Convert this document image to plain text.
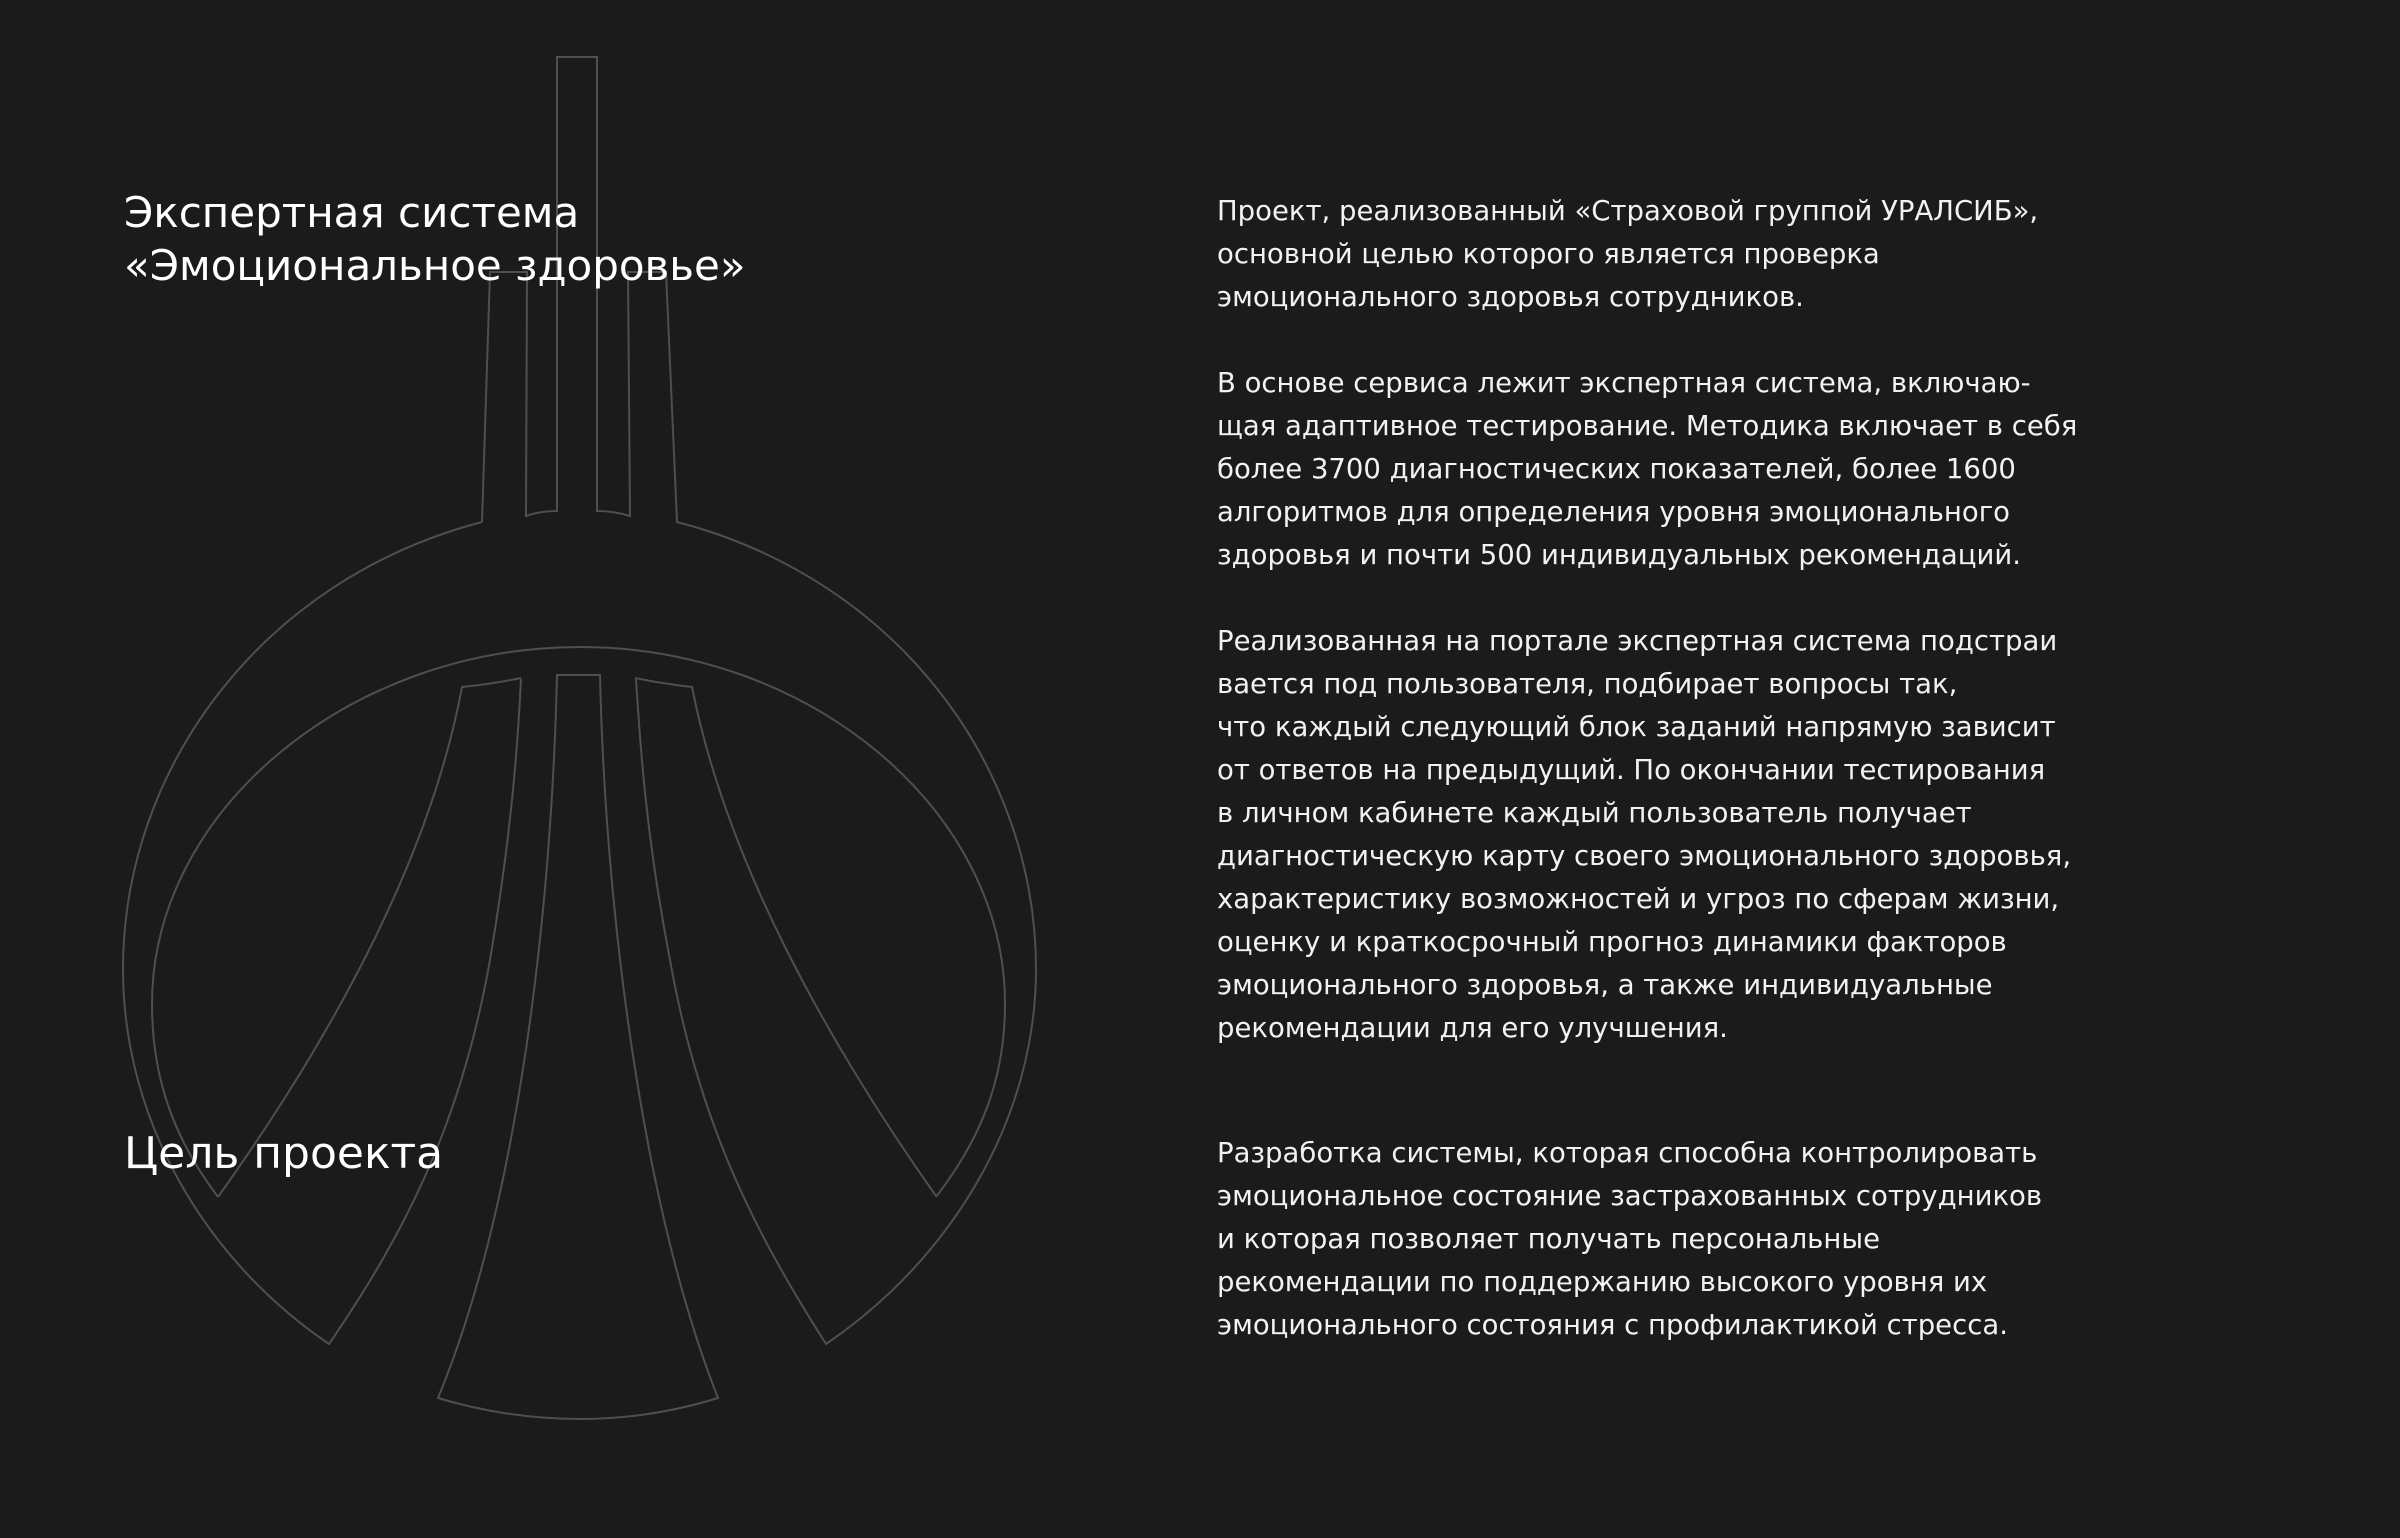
Экспертная система
«Эмоциональное здоровье»

Проект, реализованный «Страховой группой УРАЛСИБ»,
основной целью которого является проверка
эмоционального здоровья сотрудников.

В основе сервиса лежит экспертная система, включаю-
щая адаптивное тестирование. Методика включает в себя
более 3700 диагностических показателей, более 1600
алгоритмов для определения уровня эмоционального
здоровья и почти 500 индивидуальных рекомендаций.

Реализованная на портале экспертная система подстраи
вается под пользователя, подбирает вопросы так,
что каждый следующий блок заданий напрямую зависит
от ответов на предыдущий. По окончании тестирования
в личном кабинете каждый пользователь получает
диагностическую карту своего эмоционального здоровья,
характеристику возможностей и угроз по сферам жизни,
оценку и краткосрочный прогноз динамики факторов
эмоционального здоровья, а также индивидуальные
рекомендации для его улучшения.

Цель проекта	Разработка системы, которая способна контролировать
эмоциональное состояние застрахованных сотрудников
и которая позволяет получать персональные
рекомендации по поддержанию высокого уровня их
эмоционального состояния с профилактикой стресса.
